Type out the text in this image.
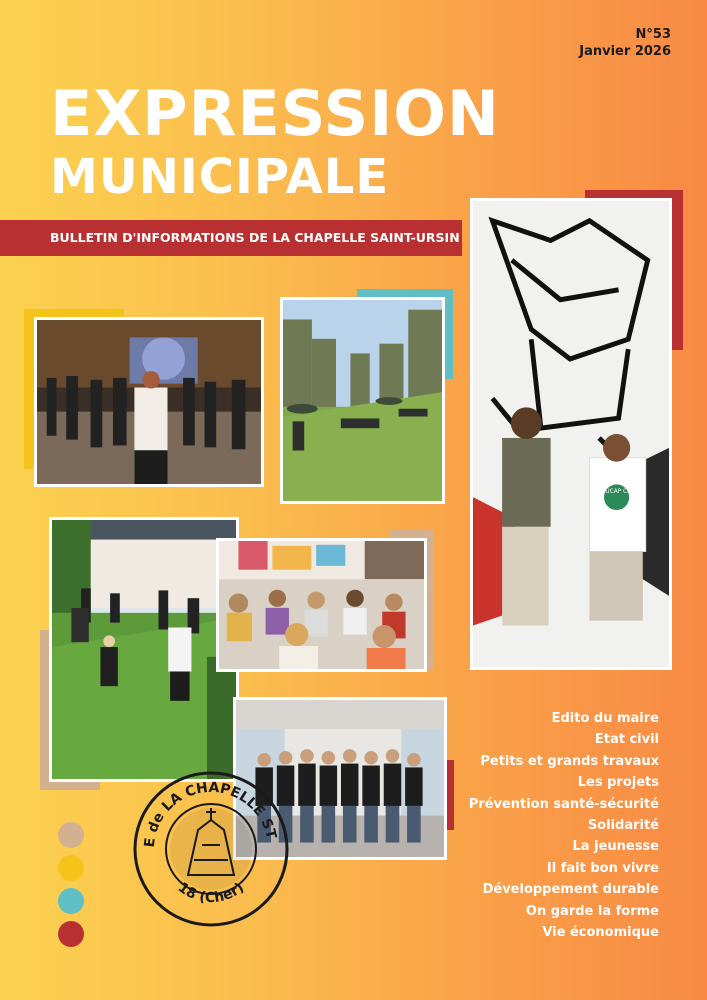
N°53
Janvier 2026
EXPRESSION
MUNICIPALE
BULLETIN D'INFORMATIONS DE LA CHAPELLE SAINT-URSIN
EDUCAP CITY
E de LA CHAPELLE ST
18 (Cher)
Edito du maire
Etat civil
Petits et grands travaux
Les projets
Prévention santé-sécurité
Solidarité
La jeunesse
Il fait bon vivre
Développement durable
On garde la forme
Vie économique
